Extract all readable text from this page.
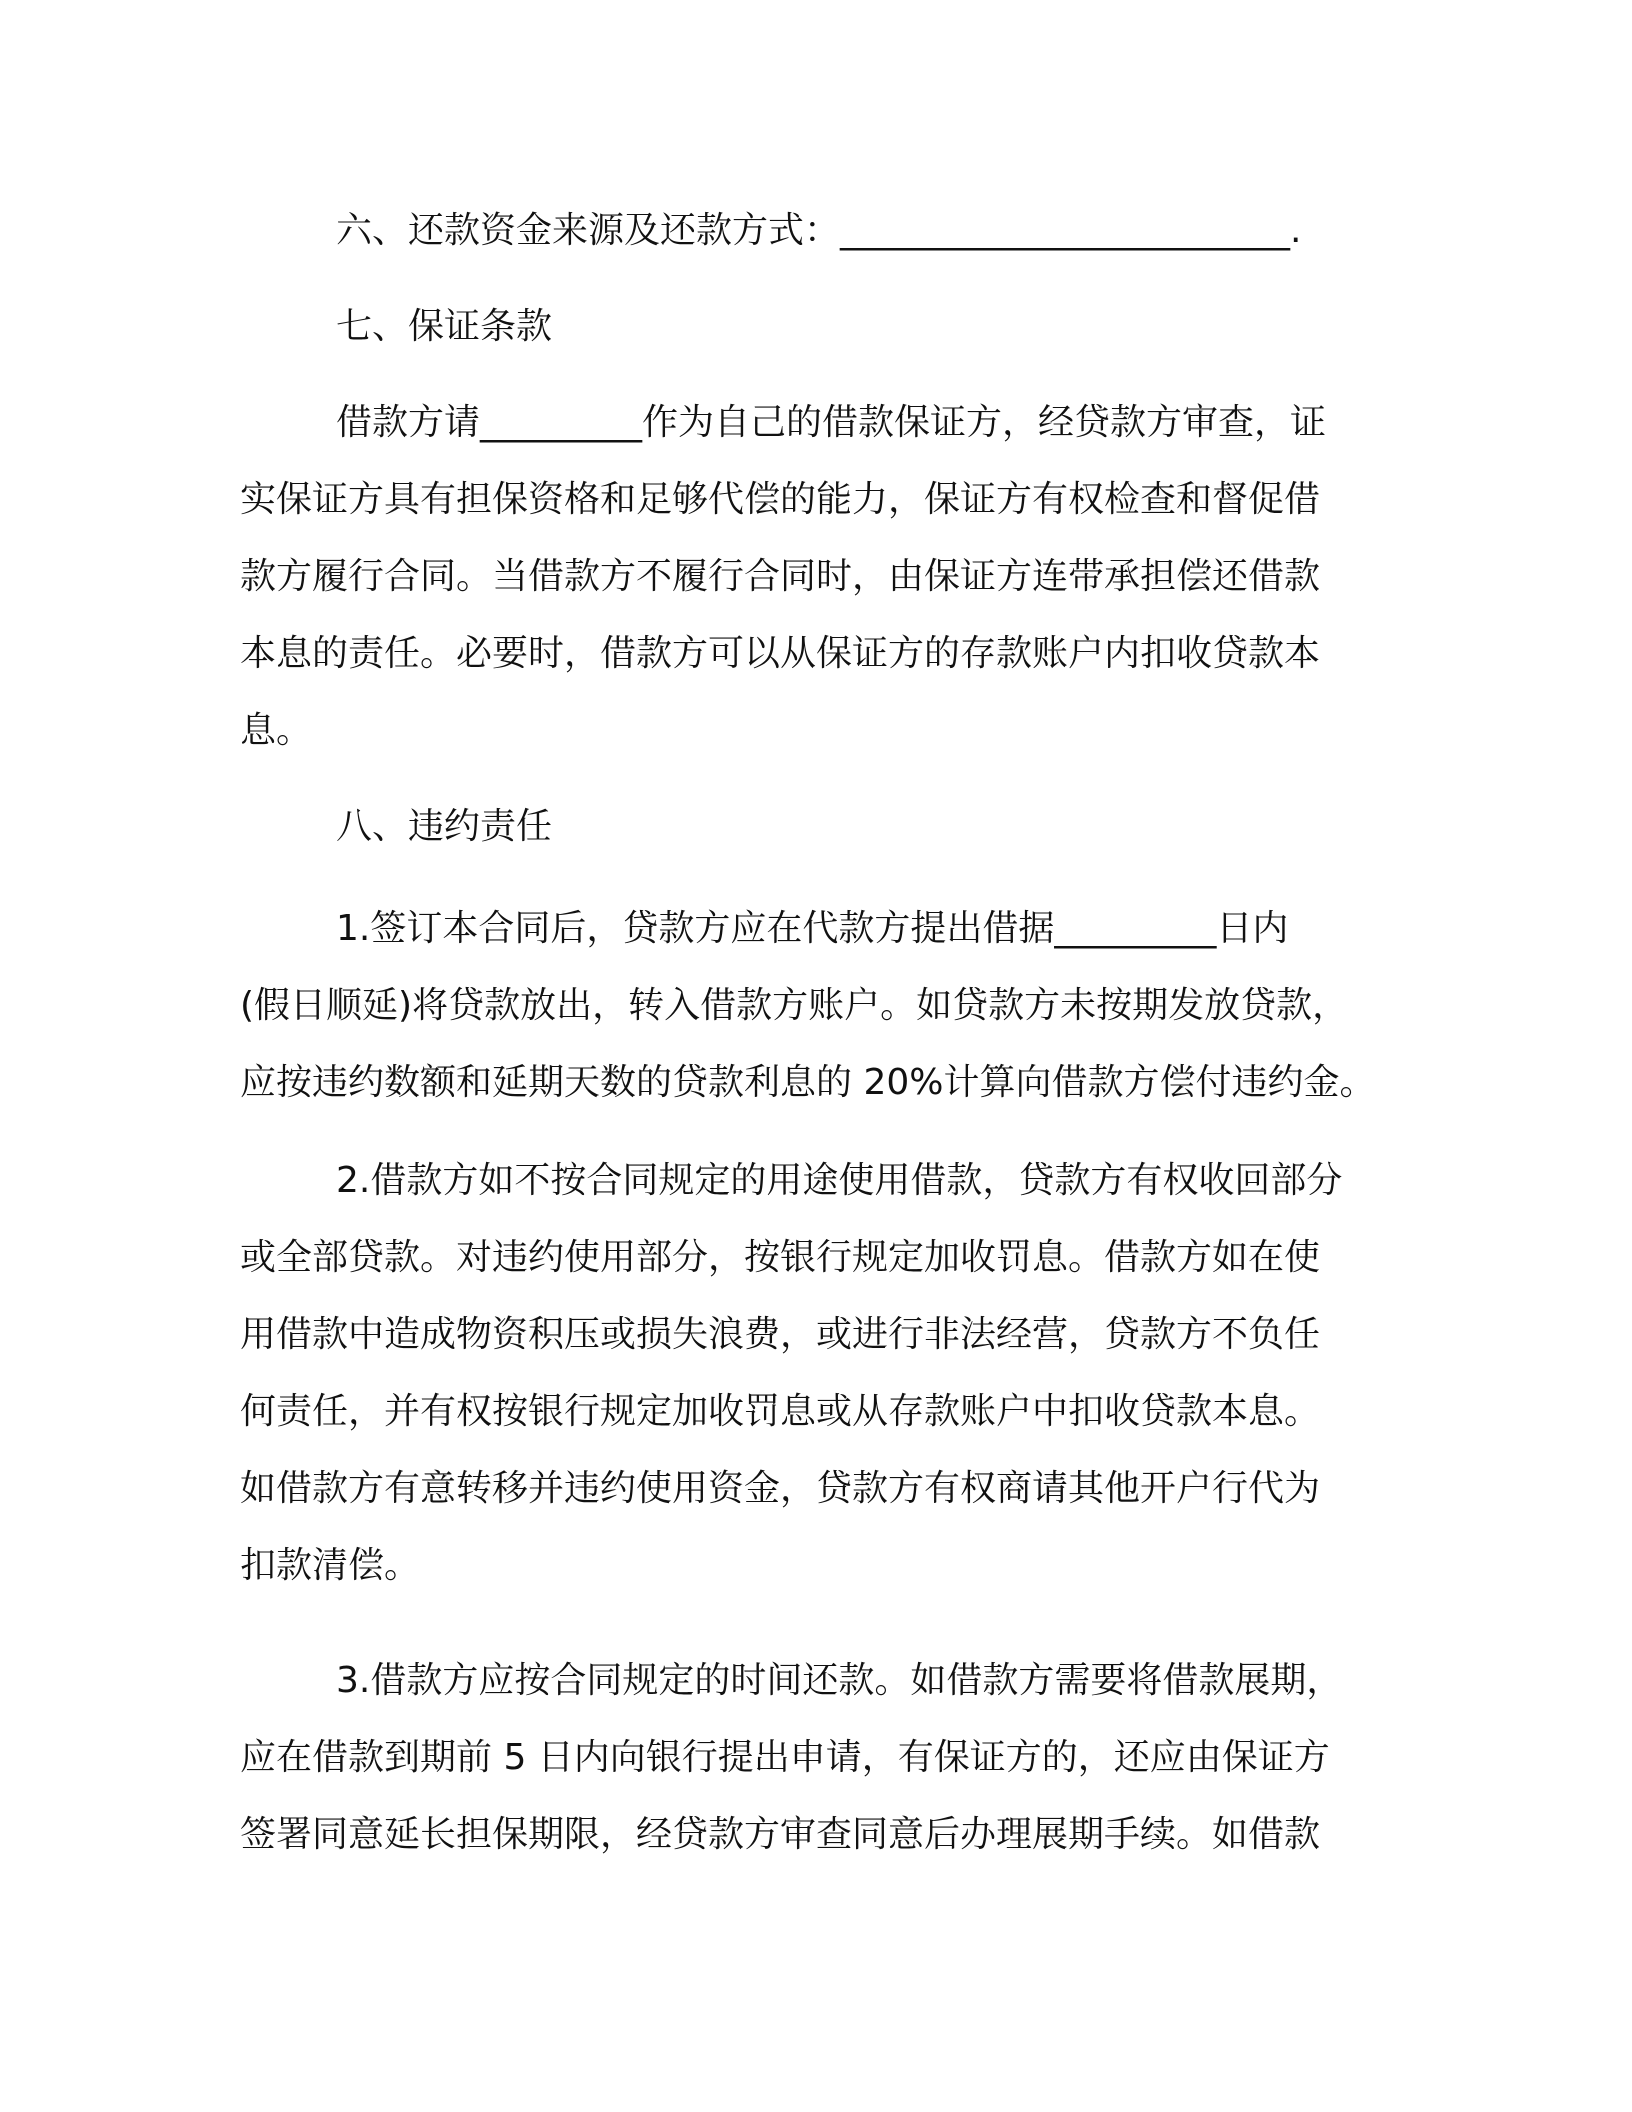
六、还款资金来源及还款方式：_________________________.

七、保证条款

借款方请_________作为自己的借款保证方，经贷款方审查，证
实保证方具有担保资格和足够代偿的能力，保证方有权检查和督促借
款方履行合同。当借款方不履行合同时，由保证方连带承担偿还借款
本息的责任。必要时，借款方可以从保证方的存款账户内扣收贷款本
息。

八、违约责任

1.签订本合同后，贷款方应在代款方提出借据_________日内
(假日顺延)将贷款放出，转入借款方账户。如贷款方未按期发放贷款，
应按违约数额和延期天数的贷款利息的 20%计算向借款方偿付违约金。

2.借款方如不按合同规定的用途使用借款，贷款方有权收回部分
或全部贷款。对违约使用部分，按银行规定加收罚息。借款方如在使
用借款中造成物资积压或损失浪费，或进行非法经营，贷款方不负任
何责任，并有权按银行规定加收罚息或从存款账户中扣收贷款本息。
如借款方有意转移并违约使用资金，贷款方有权商请其他开户行代为
扣款清偿。

3.借款方应按合同规定的时间还款。如借款方需要将借款展期，
应在借款到期前 5 日内向银行提出申请，有保证方的，还应由保证方
签署同意延长担保期限，经贷款方审查同意后办理展期手续。如借款
